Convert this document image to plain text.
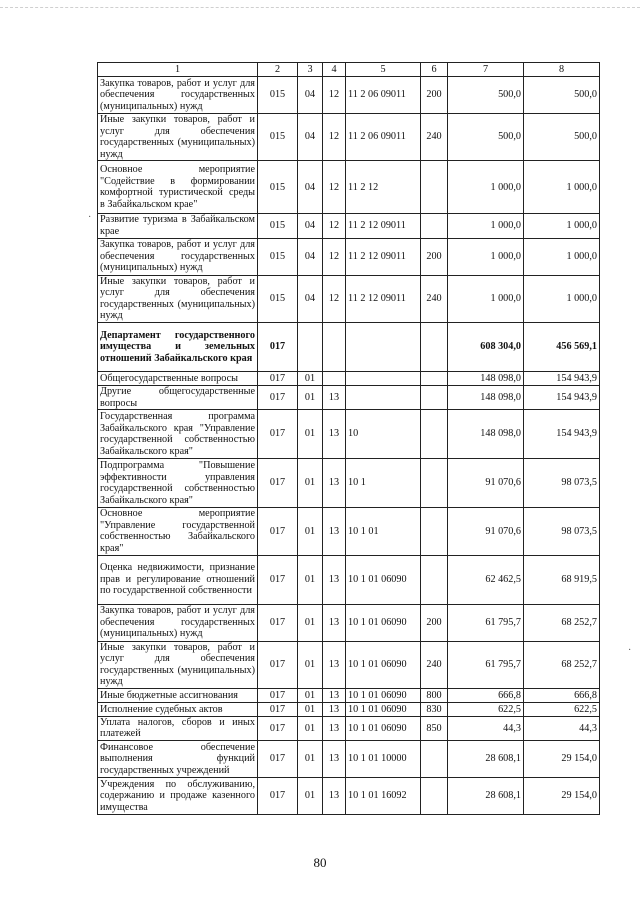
·
·
1	2	3	4	5	6	7	8
Закупка товаров, работ и услуг для обеспечения государственных (муниципальных) нужд	015	04	12	11 2 06 09011	200	500,0	500,0
Иные закупки товаров, работ и услуг для обеспечения государственных (муниципальных) нужд	015	04	12	11 2 06 09011	240	500,0	500,0
Основное мероприятие "Содействие в формировании комфортной туристической среды в Забайкальском крае"	015	04	12	11 2 12		1 000,0	1 000,0
Развитие туризма в Забайкальском крае	015	04	12	11 2 12 09011		1 000,0	1 000,0
Закупка товаров, работ и услуг для обеспечения государственных (муниципальных) нужд	015	04	12	11 2 12 09011	200	1 000,0	1 000,0
Иные закупки товаров, работ и услуг для обеспечения государственных (муниципальных) нужд	015	04	12	11 2 12 09011	240	1 000,0	1 000,0
Департамент государственного имущества и земельных отношений Забайкальского края	017					608 304,0	456 569,1
Общегосударственные вопросы	017	01				148 098,0	154 943,9
Другие общегосударственные вопросы	017	01	13			148 098,0	154 943,9
Государственная программа Забайкальского края "Управление государственной собственностью Забайкальского края"	017	01	13	10		148 098,0	154 943,9
Подпрограмма "Повышение эффективности управления государственной собственностью Забайкальского края"	017	01	13	10 1		91 070,6	98 073,5
Основное мероприятие "Управление государственной собственностью Забайкальского края"	017	01	13	10 1 01		91 070,6	98 073,5
Оценка недвижимости, признание прав и регулирование отношений по государственной собственности	017	01	13	10 1 01 06090		62 462,5	68 919,5
Закупка товаров, работ и услуг для обеспечения государственных (муниципальных) нужд	017	01	13	10 1 01 06090	200	61 795,7	68 252,7
Иные закупки товаров, работ и услуг для обеспечения государственных (муниципальных) нужд	017	01	13	10 1 01 06090	240	61 795,7	68 252,7
Иные бюджетные ассигнования	017	01	13	10 1 01 06090	800	666,8	666,8
Исполнение судебных актов	017	01	13	10 1 01 06090	830	622,5	622,5
Уплата налогов, сборов и иных платежей	017	01	13	10 1 01 06090	850	44,3	44,3
Финансовое обеспечение выполнения функций государственных учреждений	017	01	13	10 1 01 10000		28 608,1	29 154,0
Учреждения по обслуживанию, содержанию и продаже казенного имущества	017	01	13	10 1 01 16092		28 608,1	29 154,0
80
